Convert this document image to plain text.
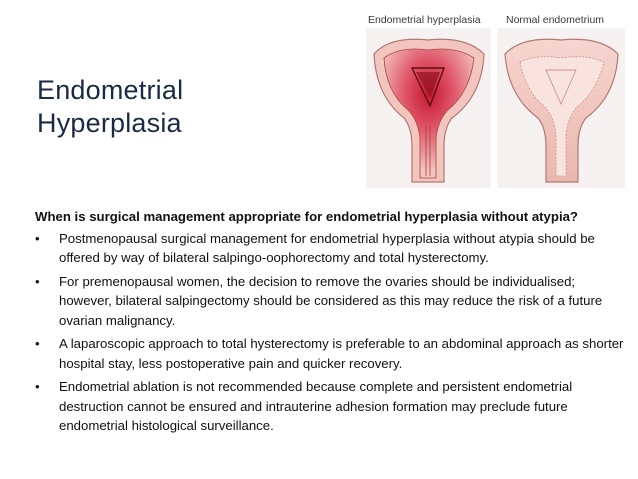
Endometrial
Hyperplasia
Endometrial hyperplasia Normal endometrium
When is surgical management appropriate for endometrial hyperplasia without atypia?
• Postmenopausal surgical management for endometrial hyperplasia without atypia should be offered by way of bilateral salpingo-oophorectomy and total hysterectomy.
• For premenopausal women, the decision to remove the ovaries should be individualised; however, bilateral salpingectomy should be considered as this may reduce the risk of a future ovarian malignancy.
• A laparoscopic approach to total hysterectomy is preferable to an abdominal approach as shorter hospital stay, less postoperative pain and quicker recovery.
• Endometrial ablation is not recommended because complete and persistent endometrial destruction cannot be ensured and intrauterine adhesion formation may preclude future endometrial histological surveillance.
